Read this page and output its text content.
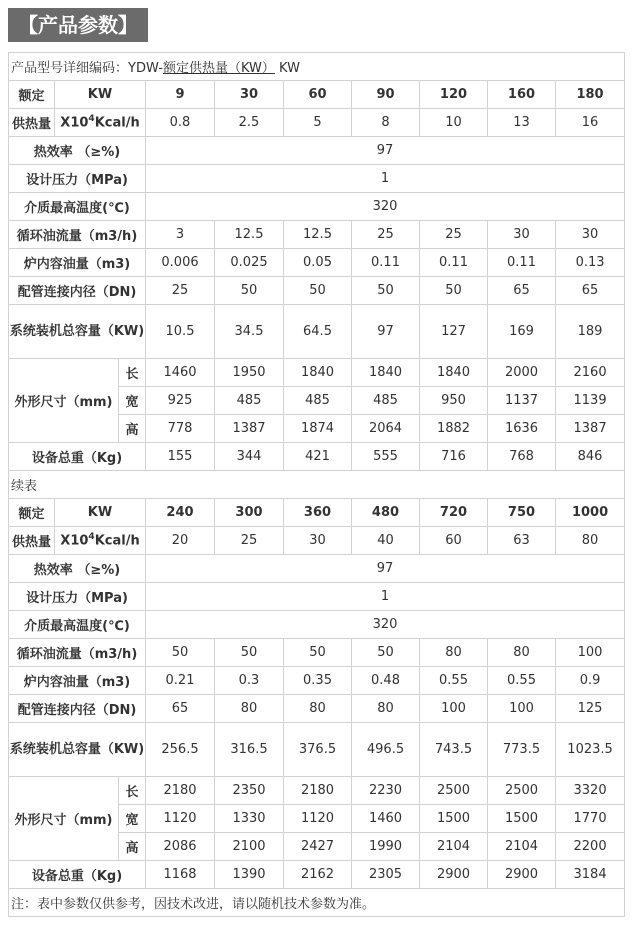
【产品参数】
产品型号详细编码：YDW-额定供热量（KW） KW									
额定	KW		9	30	60	90	120	160	180
供热量	$X10^4Kcal/h$		0.8	2.5	5	8	10	13	16
热效率 （≥%)			97						
设计压力（MPa)			1						
介质最高温度(℃)			320						
循环油流量（m3/h)			3	12.5	12.5	25	25	30	30
炉内容油量（m3)			0.006	0.025	0.05	0.11	0.11	0.11	0.13
配管连接内径（DN)			25	50	50	50	50	65	65
系统装机总容量（KW)			10.5	34.5	64.5	97	127	169	189
外形尺寸（mm)		长	1460	1950	1840	1840	1840	2000	2160
		宽	925	485	485	485	950	1137	1139
		高	778	1387	1874	2064	1882	1636	1387
设备总重（Kg)			155	344	421	555	716	768	846
续表									
额定	KW		240	300	360	480	720	750	1000
供热量	$X10^4Kcal/h$		20	25	30	40	60	63	80
热效率 （≥%)			97						
设计压力（MPa)			1						
介质最高温度(℃)			320						
循环油流量（m3/h)			50	50	50	50	80	80	100
炉内容油量（m3)			0.21	0.3	0.35	0.48	0.55	0.55	0.9
配管连接内径（DN)			65	80	80	80	100	100	125
系统装机总容量（KW)			256.5	316.5	376.5	496.5	743.5	773.5	1023.5
外形尺寸（mm)		长	2180	2350	2180	2230	2500	2500	3320
		宽	1120	1330	1120	1460	1500	1500	1770
		高	2086	2100	2427	1990	2104	2104	2200
设备总重（Kg)			1168	1390	2162	2305	2900	2900	3184
注：表中参数仅供参考，因技术改进，请以随机技术参数为准。									
